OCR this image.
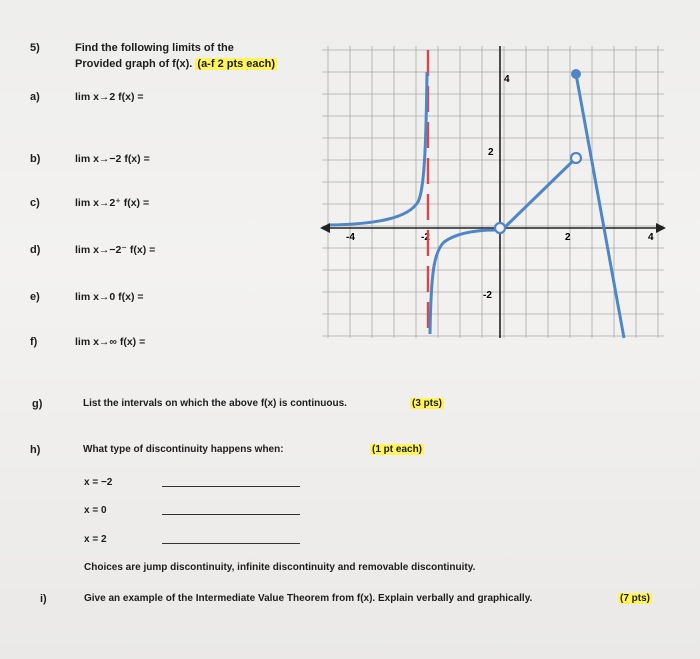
5)	Find the following limits of the
Provided graph of f(x). (a-f 2 pts each)
a)	lim x→2 f(x) =
b)	lim x→−2 f(x) =
c)	lim x→2⁺ f(x) =
d)	lim x→−2⁻ f(x) =
e)	lim x→0 f(x) =
f)	lim x→∞ f(x) =
-4	-2	2	4
4
2
-2
g)	List the intervals on which the above f(x) is continuous.	(3 pts)
h)	What type of discontinuity happens when:	(1 pt each)
x = −2
x = 0
x = 2
Choices are jump discontinuity, infinite discontinuity and removable discontinuity.
i)	Give an example of the Intermediate Value Theorem from f(x). Explain verbally and graphically.	(7 pts)
